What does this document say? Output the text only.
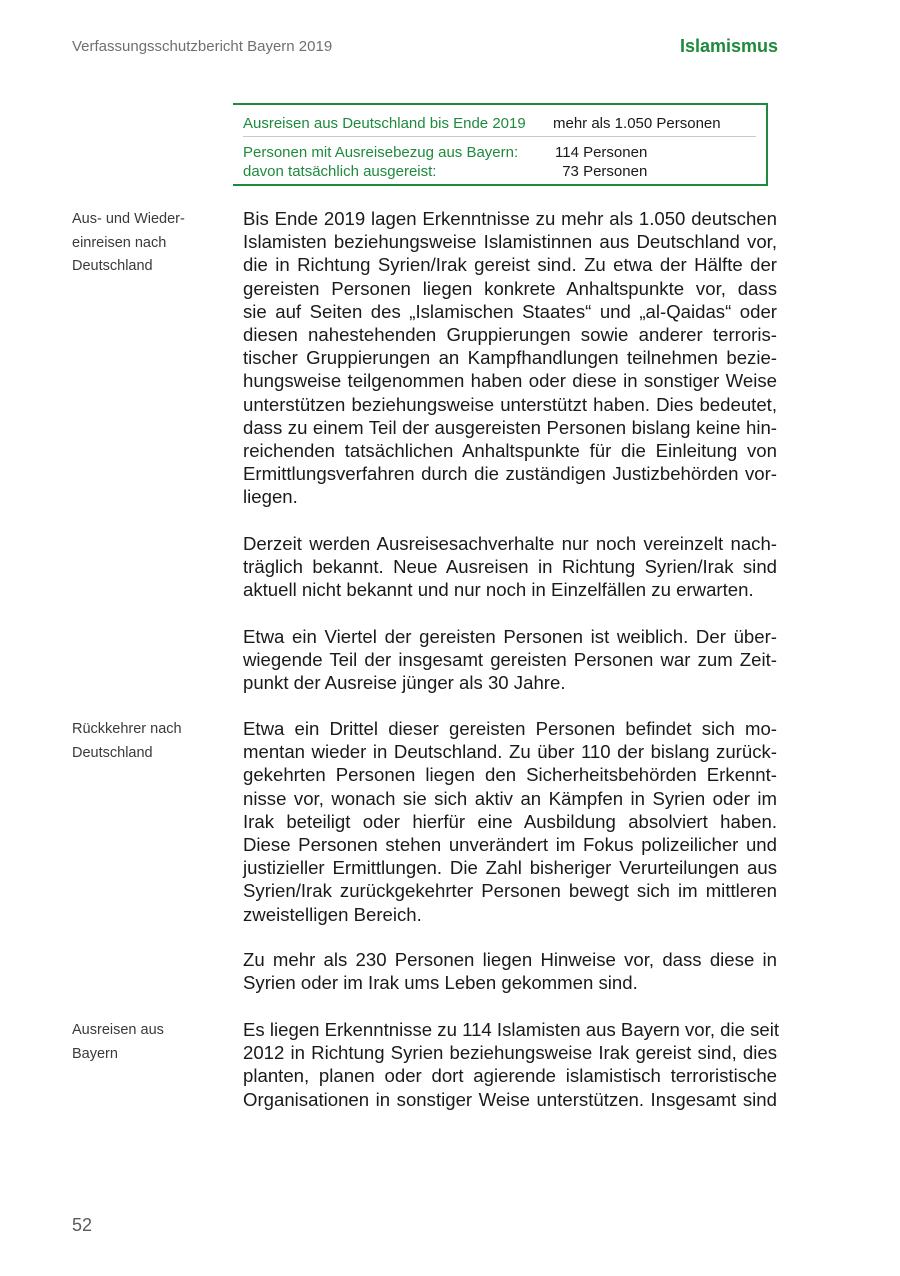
Verfassungsschutzbericht Bayern 2019	Islamismus
Ausreisen aus Deutschland bis Ende 2019	mehr als 1.050 Personen
Personen mit Ausreisebezug aus Bayern:
davon tatsächlich ausgereist:
114 Personen
73 Personen
Aus- und Wieder-
einreisen nach
Deutschland
Rückkehrer nach
Deutschland
Ausreisen aus
Bayern
Bis Ende 2019 lagen Erkenntnisse zu mehr als 1.050 deutschen
Islamisten beziehungsweise Islamistinnen aus Deutschland vor,
die in Richtung Syrien/Irak gereist sind. Zu etwa der Hälfte der
gereisten Personen liegen konkrete Anhaltspunkte vor, dass
sie auf Seiten des „Islamischen Staates“ und „al-Qaidas“ oder
diesen nahestehenden Gruppierungen sowie anderer terroris-
tischer Gruppierungen an Kampfhandlungen teilnehmen bezie-
hungsweise teilgenommen haben oder diese in sonstiger Weise
unterstützen beziehungsweise unterstützt haben. Dies bedeutet,
dass zu einem Teil der ausgereisten Personen bislang keine hin-
reichenden tatsächlichen Anhaltspunkte für die Einleitung von
Ermittlungsverfahren durch die zuständigen Justizbehörden vor-
liegen.
Derzeit werden Ausreisesachverhalte nur noch vereinzelt nach-
träglich bekannt. Neue Ausreisen in Richtung Syrien/Irak sind
aktuell nicht bekannt und nur noch in Einzelfällen zu erwarten.
Etwa ein Viertel der gereisten Personen ist weiblich. Der über-
wiegende Teil der insgesamt gereisten Personen war zum Zeit-
punkt der Ausreise jünger als 30 Jahre.
Etwa ein Drittel dieser gereisten Personen befindet sich mo-
mentan wieder in Deutschland. Zu über 110 der bislang zurück-
gekehrten Personen liegen den Sicherheitsbehörden Erkennt-
nisse vor, wonach sie sich aktiv an Kämpfen in Syrien oder im
Irak beteiligt oder hierfür eine Ausbildung absolviert haben.
Diese Personen stehen unverändert im Fokus polizeilicher und
justizieller Ermittlungen. Die Zahl bisheriger Verurteilungen aus
Syrien/Irak zurückgekehrter Personen bewegt sich im mittleren
zweistelligen Bereich.
Zu mehr als 230 Personen liegen Hinweise vor, dass diese in
Syrien oder im Irak ums Leben gekommen sind.
Es liegen Erkenntnisse zu 114 Islamisten aus Bayern vor, die seit
2012 in Richtung Syrien beziehungsweise Irak gereist sind, dies
planten, planen oder dort agierende islamistisch terroristische
Organisationen in sonstiger Weise unterstützen. Insgesamt sind
52
